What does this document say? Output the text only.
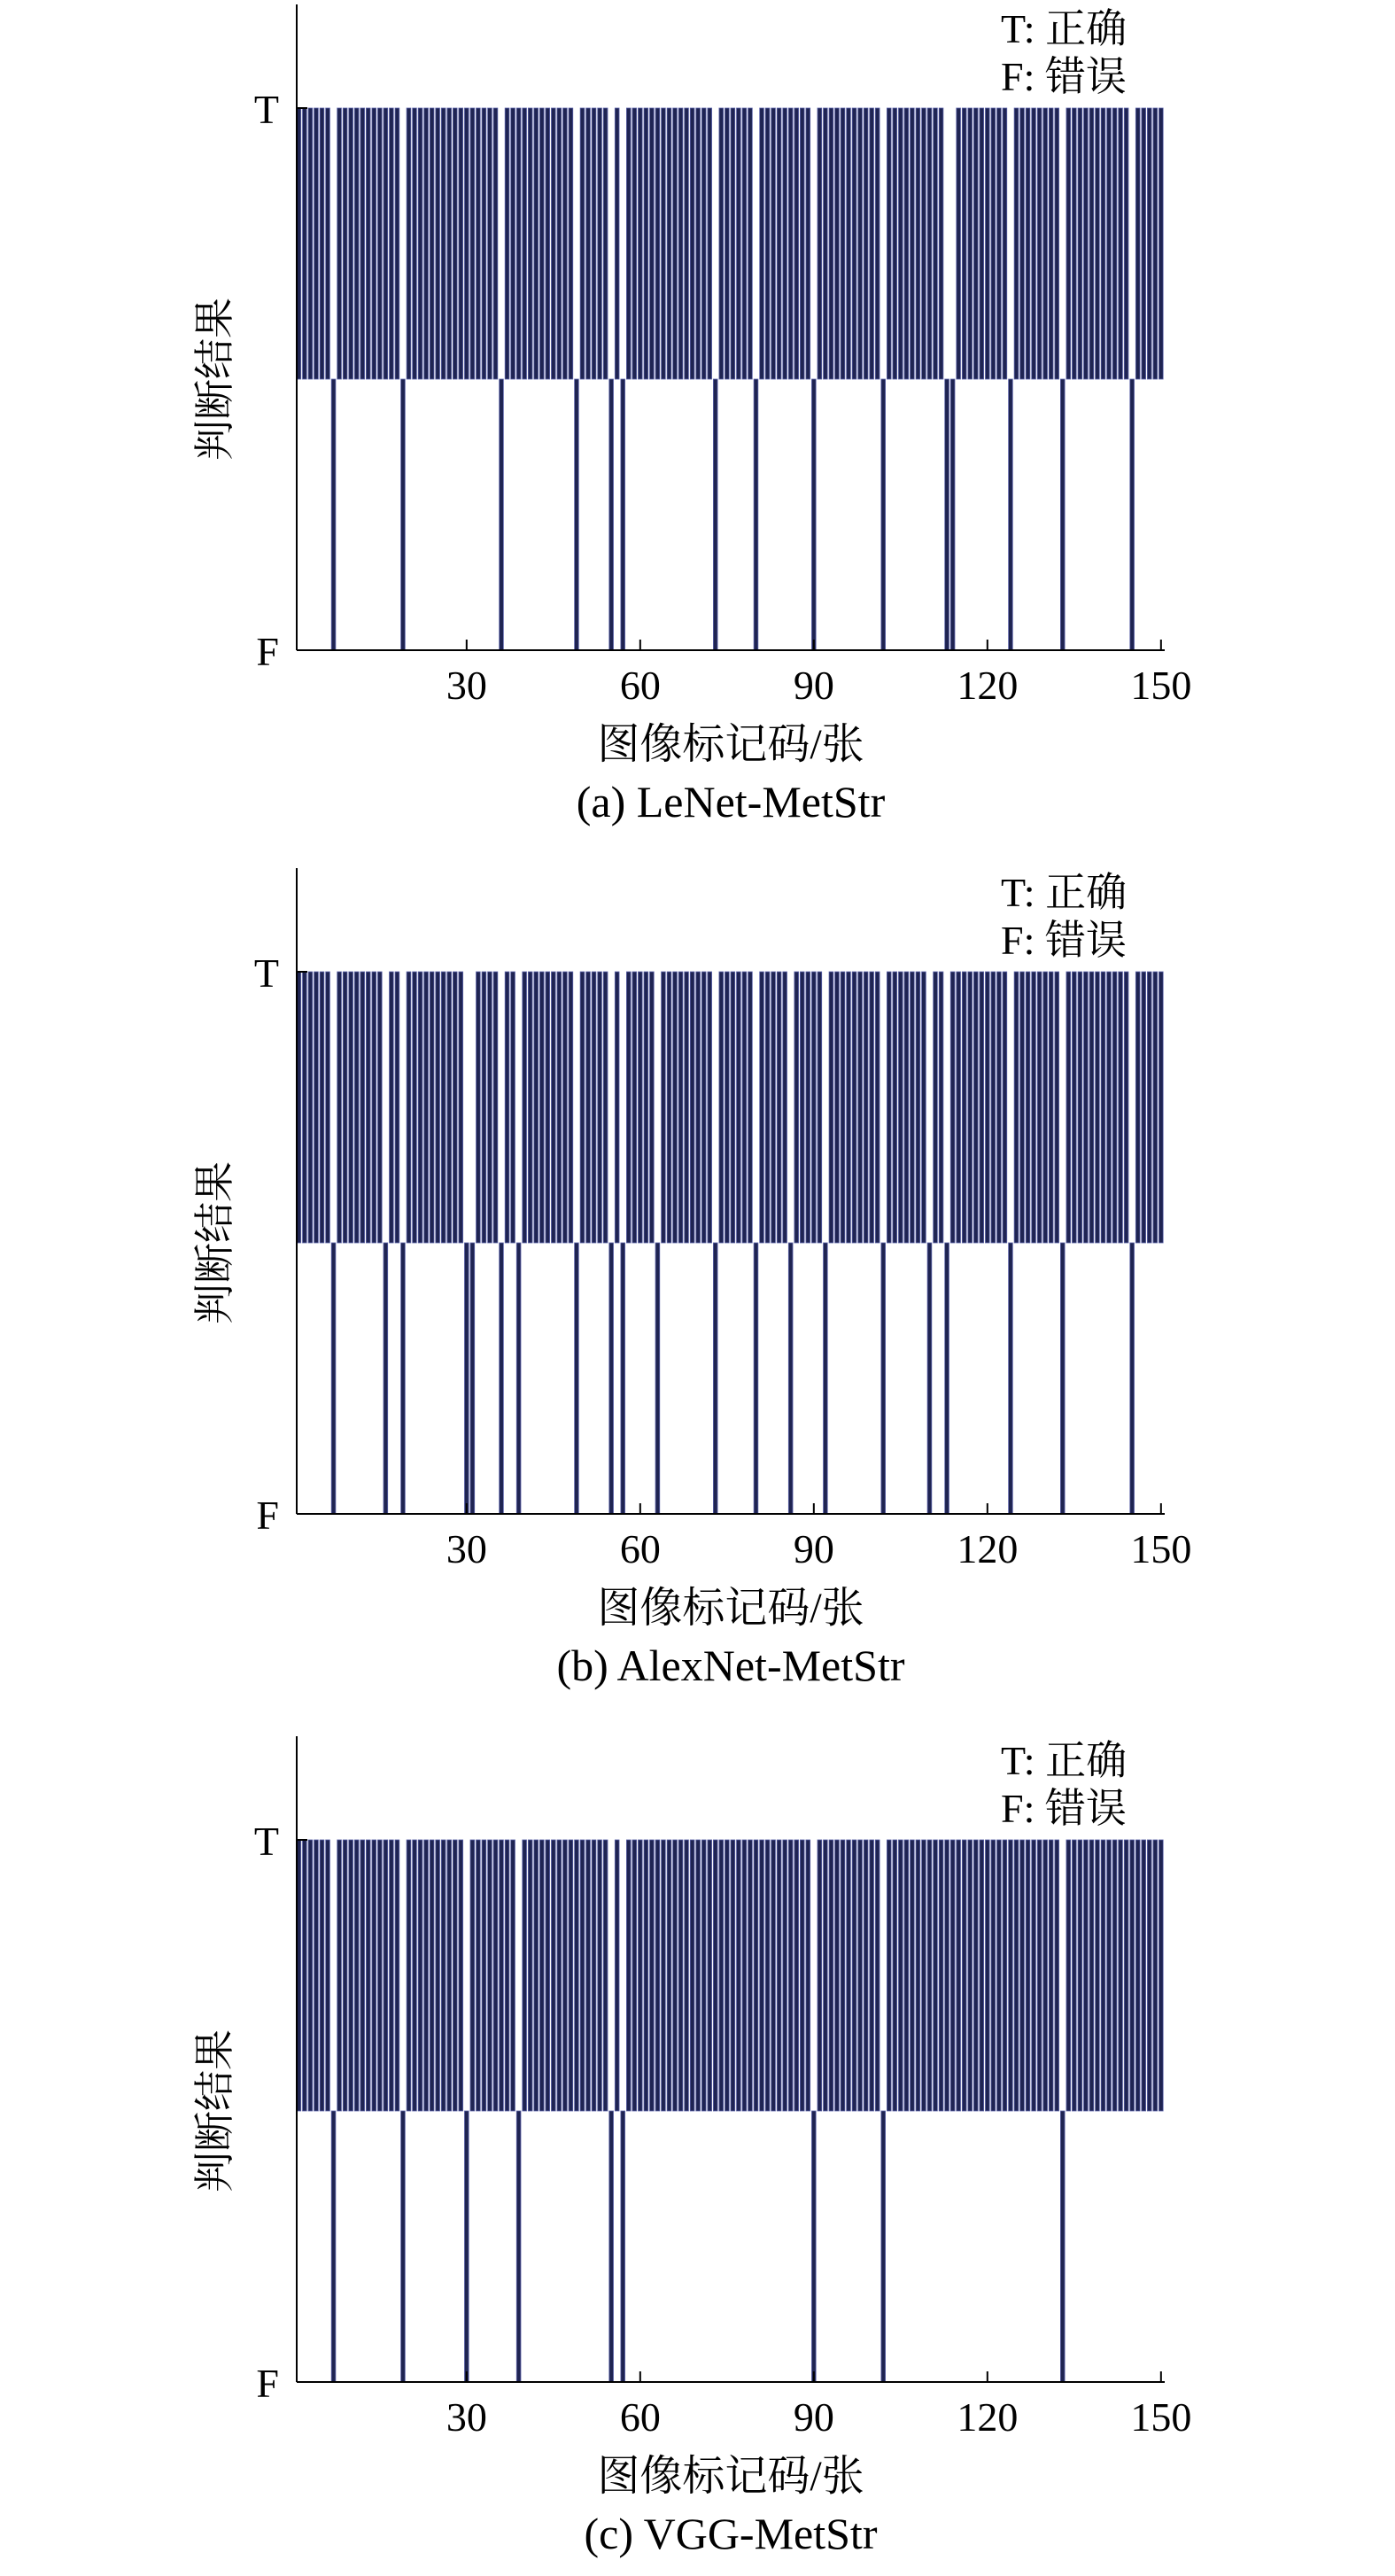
T
F
30	60	90	120	150
T: 正确
F: 错误
判断结果
图像标记码/张
(a) LeNet-MetStr
T
F
30	60	90	120	150
T: 正确
F: 错误
判断结果
图像标记码/张
(b) AlexNet-MetStr
T
F
30	60	90	120	150
T: 正确
F: 错误
判断结果
图像标记码/张
(c) VGG-MetStr
